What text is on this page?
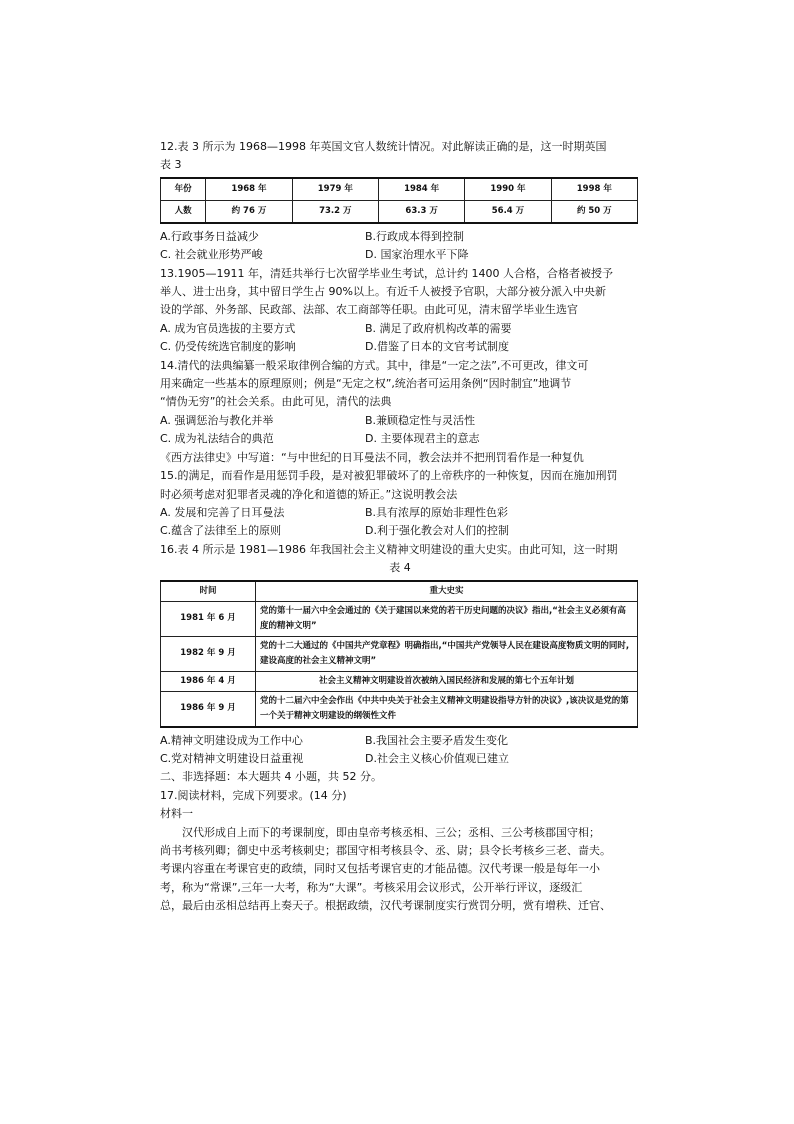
12.表 3 所示为 1968—1998 年英国文官人数统计情况。对此解读正确的是，这一时期英国
表 3
年份	1968 年	1979 年	1984 年	1990 年	1998 年
人数	约 76 万	73.2 万	63.3 万	56.4 万	约 50 万
A.行政事务日益减少	B.行政成本得到控制
C. 社会就业形势严峻	D. 国家治理水平下降
13.1905—1911 年，清廷共举行七次留学毕业生考试，总计约 1400 人合格，合格者被授予
举人、进士出身，其中留日学生占 90%以上。有近千人被授予官职，大部分被分派入中央新
设的学部、外务部、民政部、法部、农工商部等任职。由此可见，清末留学毕业生选官
A. 成为官员选拔的主要方式	B. 满足了政府机构改革的需要
C. 仍受传统选官制度的影响	D.借鉴了日本的文官考试制度
14.清代的法典编纂一般采取律例合编的方式。其中，律是“一定之法”,不可更改，律文可
用来确定一些基本的原理原则；例是“无定之权”,统治者可运用条例“因时制宜”地调节
“情伪无穷”的社会关系。由此可见，清代的法典
A. 强调惩治与教化并举	B.兼顾稳定性与灵活性
C. 成为礼法结合的典范	D. 主要体现君主的意志
《西方法律史》中写道：“与中世纪的日耳曼法不同，教会法并不把刑罚看作是一种复仇
15.的满足，而看作是用惩罚手段，是对被犯罪破坏了的上帝秩序的一种恢复，因而在施加刑罚
时必须考虑对犯罪者灵魂的净化和道德的矫正。”这说明教会法
A. 发展和完善了日耳曼法	B.具有浓厚的原始非理性色彩
C.蕴含了法律至上的原则	D.利于强化教会对人们的控制
16.表 4 所示是 1981—1986 年我国社会主义精神文明建设的重大史实。由此可知，这一时期
表 4
时间	重大史实
1981 年 6 月	党的第十一届六中全会通过的《关于建国以来党的若干历史问题的决议》指出,“社会主义必须有高度的精神文明”
1982 年 9 月	党的十二大通过的《中国共产党章程》明确指出,“中国共产党领导人民在建设高度物质文明的同时,建设高度的社会主义精神文明”
1986 年 4 月	社会主义精神文明建设首次被纳入国民经济和发展的第七个五年计划
1986 年 9 月	党的十二届六中全会作出《中共中央关于社会主义精神文明建设指导方针的决议》,该决议是党的第一个关于精神文明建设的纲领性文件
A.精神文明建设成为工作中心	B.我国社会主要矛盾发生变化
C.党对精神文明建设日益重视	D.社会主义核心价值观已建立
二、非选择题：本大题共 4 小题，共 52 分。
17.阅读材料，完成下列要求。(14 分)
材料一
汉代形成自上而下的考课制度，即由皇帝考核丞相、三公；丞相、三公考核郡国守相；
尚书考核列卿；御史中丞考核刺史；郡国守相考核县令、丞、尉；县令长考核乡三老、啬夫。
考课内容重在考课官吏的政绩，同时又包括考课官吏的才能品德。汉代考课一般是每年一小
考，称为“常课”,三年一大考，称为“大课”。考核采用会议形式，公开举行评议，逐级汇
总，最后由丞相总结再上奏天子。根据政绩，汉代考课制度实行赏罚分明，赏有增秩、迁官、
